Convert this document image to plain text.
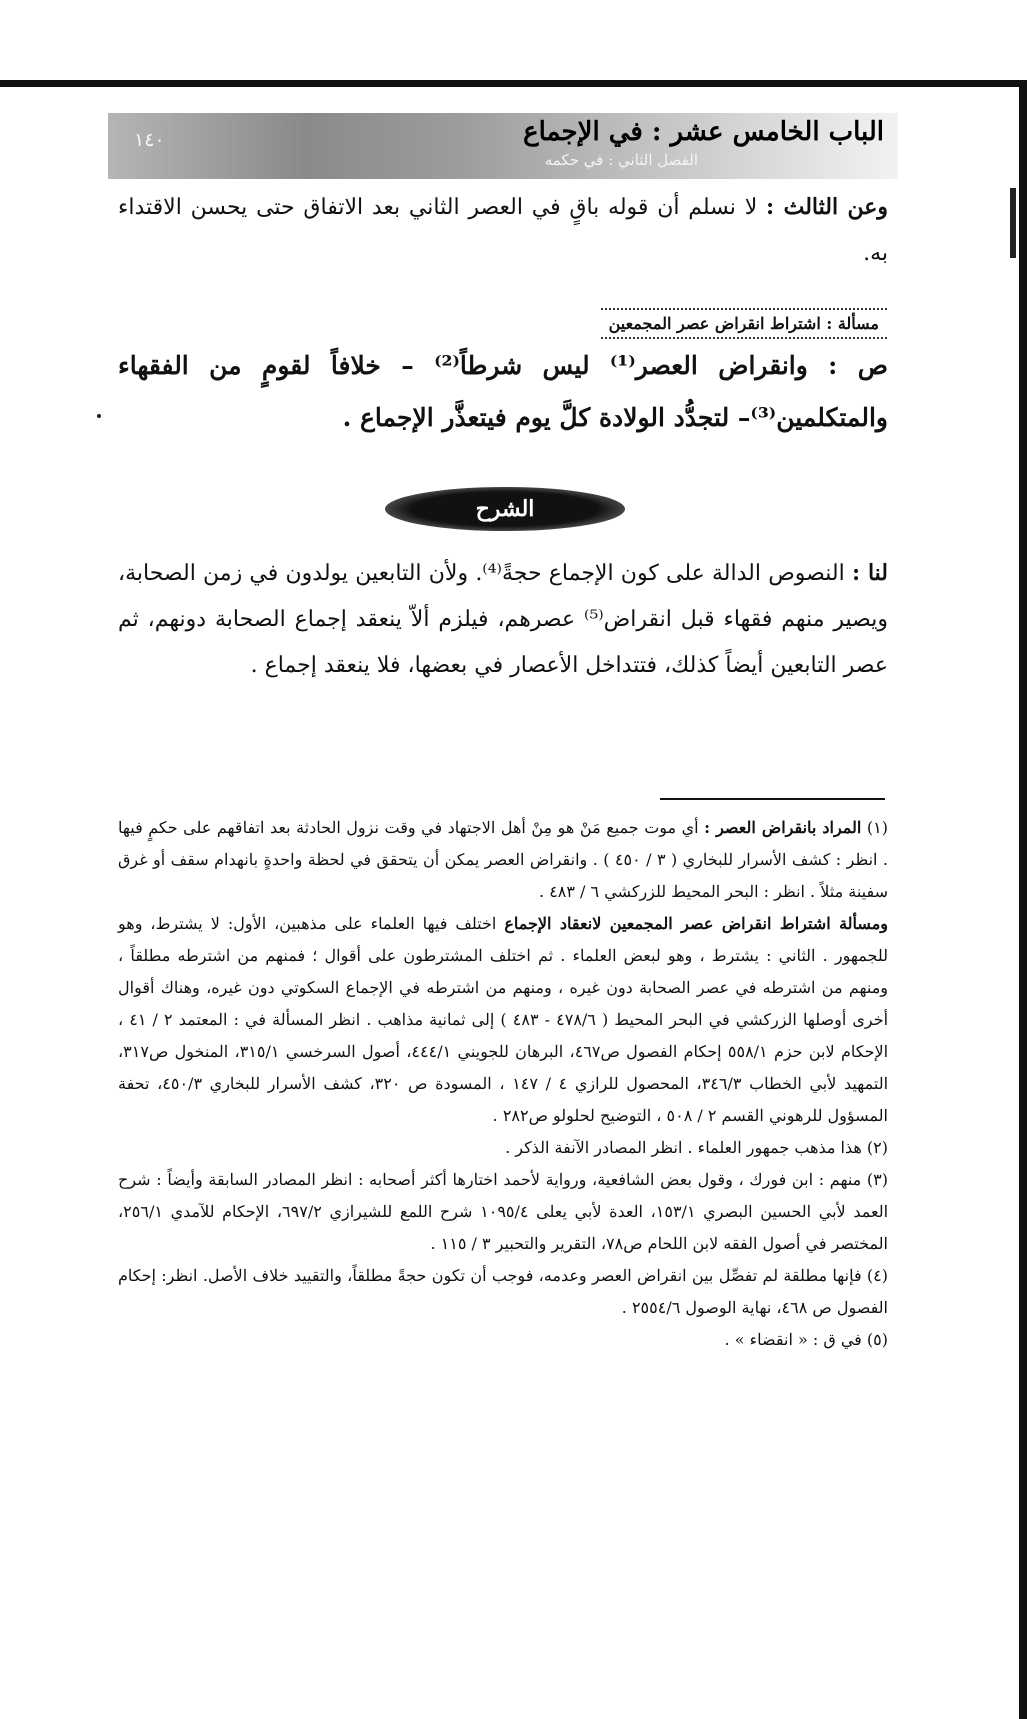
الباب الخامس عشر : في الإجماع
الفصل الثاني : في حكمه
١٤٠
وعن الثالث : لا نسلم أن قوله باقٍ في العصر الثاني بعد الاتفاق حتى يحسن الاقتداء به.
مسألة : اشتراط انقراض عصر المجمعين
ص : وانقراض العصر⁽¹⁾ ليس شرطاً⁽²⁾ – خلافاً لقومٍ من الفقهاء والمتكلمين⁽³⁾– لتجدُّد الولادة كلَّ يوم فيتعذَّر الإجماع .
الشرح
لنا : النصوص الدالة على كون الإجماع حجةً⁽⁴⁾. ولأن التابعين يولدون في زمن الصحابة، ويصير منهم فقهاء قبل انقراض⁽⁵⁾ عصرهم، فيلزم ألاّ ينعقد إجماع الصحابة دونهم، ثم عصر التابعين أيضاً كذلك، فتتداخل الأعصار في بعضها، فلا ينعقد إجماع .

(١) المراد بانقراض العصر : أي موت جميع مَنْ هو مِنْ أهل الاجتهاد في وقت نزول الحادثة بعد اتفاقهم على حكمٍ فيها . انظر : كشف الأسرار للبخاري ( ٣ / ٤٥٠ ) . وانقراض العصر يمكن أن يتحقق في لحظة واحدةٍ بانهدام سقف أو غرق سفينة مثلاً . انظر : البحر المحيط للزركشي ٦ / ٤٨٣ .

ومسألة اشتراط انقراض عصر المجمعين لانعقاد الإجماع اختلف فيها العلماء على مذهبين، الأول: لا يشترط، وهو للجمهور . الثاني : يشترط ، وهو لبعض العلماء . ثم اختلف المشترطون على أقوال ؛ فمنهم من اشترطه مطلقاً ، ومنهم من اشترطه في عصر الصحابة دون غيره ، ومنهم من اشترطه في الإجماع السكوتي دون غيره، وهناك أقوال أخرى أوصلها الزركشي في البحر المحيط ( ٤٧٨/٦ - ٤٨٣ ) إلى ثمانية مذاهب . انظر المسألة في : المعتمد ٢ / ٤١ ، الإحكام لابن حزم ٥٥٨/١ إحكام الفصول ص٤٦٧، البرهان للجويني ٤٤٤/١، أصول السرخسي ٣١٥/١، المنخول ص٣١٧، التمهيد لأبي الخطاب ٣٤٦/٣، المحصول للرازي ٤ / ١٤٧ ، المسودة ص ٣٢٠، كشف الأسرار للبخاري ٤٥٠/٣، تحفة المسؤول للرهوني القسم ٢ / ٥٠٨ ، التوضيح لحلولو ص٢٨٢ .

(٢) هذا مذهب جمهور العلماء . انظر المصادر الآنفة الذكر .

(٣) منهم : ابن فورك ، وقول بعض الشافعية، ورواية لأحمد اختارها أكثر أصحابه : انظر المصادر السابقة وأيضاً : شرح العمد لأبي الحسين البصري ١٥٣/١، العدة لأبي يعلى ١٠٩٥/٤ شرح اللمع للشيرازي ٦٩٧/٢، الإحكام للآمدي ٢٥٦/١، المختصر في أصول الفقه لابن اللحام ص٧٨، التقرير والتحبير ٣ / ١١٥ .

(٤) فإنها مطلقة لم تفصِّل بين انقراض العصر وعدمه، فوجب أن تكون حجةً مطلقاً، والتقييد خلاف الأصل. انظر: إحكام الفصول ص ٤٦٨، نهاية الوصول ٢٥٥٤/٦ .

(٥) في ق : « انقضاء » .
